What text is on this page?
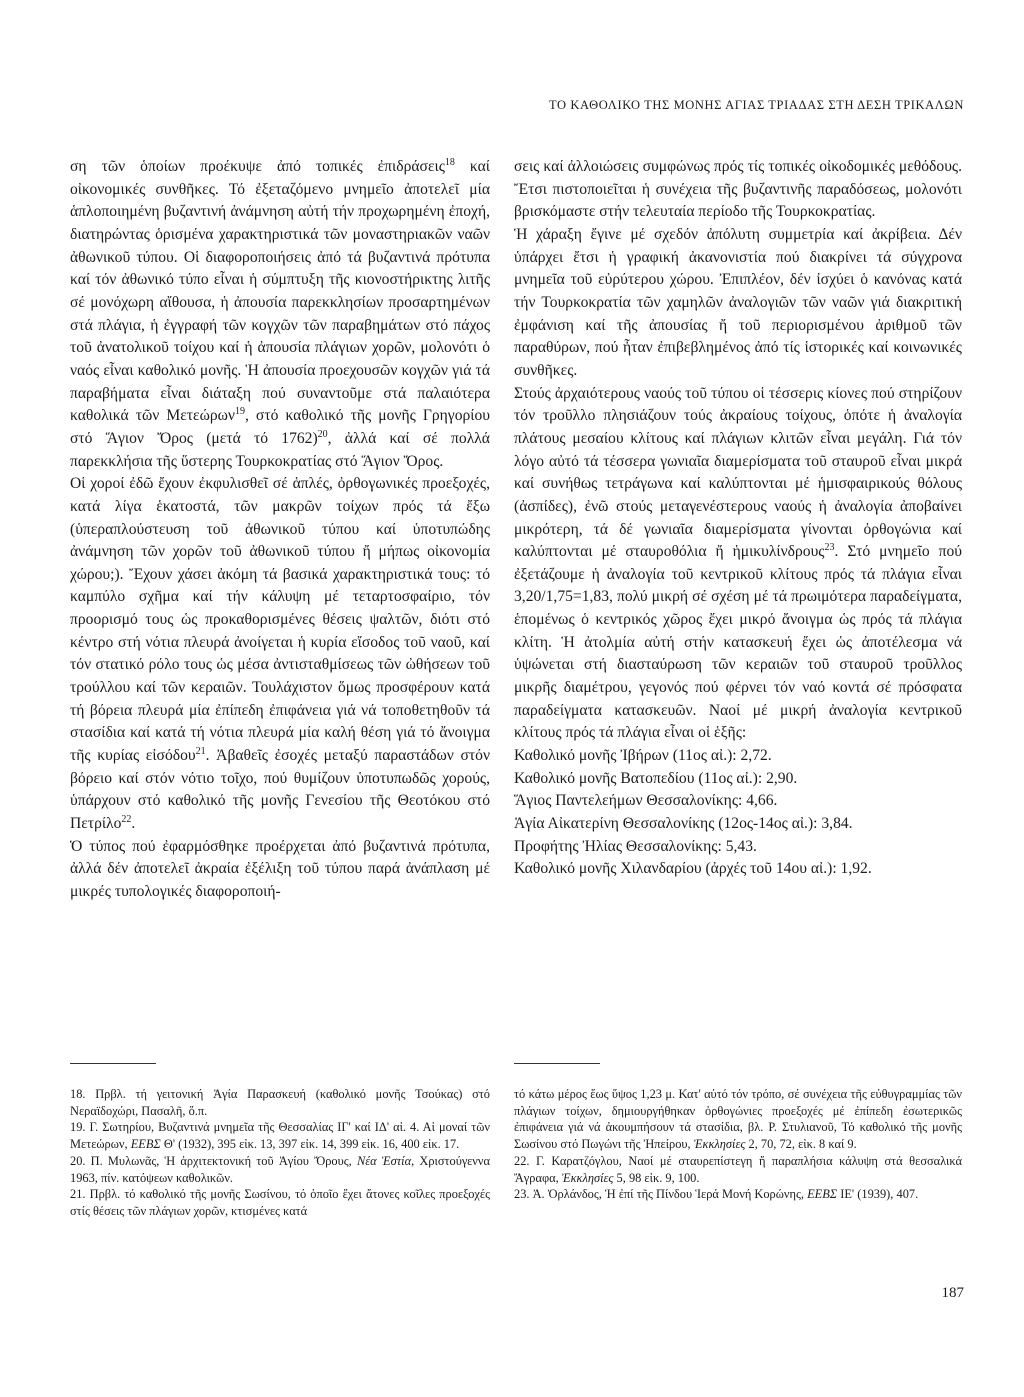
ΤΟ ΚΑΘΟΛΙΚΟ ΤΗΣ ΜΟΝΗΣ ΑΓΙΑΣ ΤΡΙΑΔΑΣ ΣΤΗ ΔΕΣΗ ΤΡΙΚΑΛΩΝ

ση τῶν ὁποίων προέκυψε ἀπό τοπικές ἐπιδράσεις$^{18}$ καί οἰκονομικές συνθῆκες. Τό ἐξεταζόμενο μνημεῖο ἀποτελεῖ μία ἁπλοποιημένη βυζαντινή ἀνάμνηση αὐτή τήν προχωρημένη ἐποχή, διατηρώντας ὁρισμένα χαρακτηριστικά τῶν μοναστηριακῶν ναῶν ἀθωνικοῦ τύπου. Οἱ διαφοροποιήσεις ἀπό τά βυζαντινά πρότυπα καί τόν ἀθωνικό τύπο εἶναι ἡ σύμπτυξη τῆς κιονοστήρικτης λιτῆς σέ μονόχωρη αἴθουσα, ἡ ἀπουσία παρεκκλησίων προσαρτημένων στά πλάγια, ἡ ἐγγραφή τῶν κογχῶν τῶν παραβημάτων στό πάχος τοῦ ἀνατολικοῦ τοίχου καί ἡ ἀπουσία πλάγιων χορῶν, μολονότι ὁ ναός εἶναι καθολικό μονῆς. Ἡ ἀπουσία προεχουσῶν κογχῶν γιά τά παραβήματα εἶναι διάταξη πού συναντοῦμε στά παλαιότερα καθολικά τῶν Μετεώρων$^{19}$, στό καθολικό τῆς μονῆς Γρηγορίου στό Ἅγιον Ὄρος (μετά τό 1762)$^{20}$, ἀλλά καί σέ πολλά παρεκκλήσια τῆς ὕστερης Τουρκοκρατίας στό Ἅγιον Ὄρος.

Οἱ χοροί ἐδῶ ἔχουν ἐκφυλισθεῖ σέ ἁπλές, ὀρθογωνικές προεξοχές, κατά λίγα ἑκατοστά, τῶν μακρῶν τοίχων πρός τά ἔξω (ὑπεραπλούστευση τοῦ ἀθωνικοῦ τύπου καί ὑποτυπώδης ἀνάμνηση τῶν χορῶν τοῦ ἀθωνικοῦ τύπου ἤ μήπως οἰκονομία χώρου;). Ἔχουν χάσει ἀκόμη τά βασικά χαρακτηριστικά τους: τό καμπύλο σχῆμα καί τήν κάλυψη μέ τεταρτοσφαίριο, τόν προορισμό τους ὡς προκαθορισμένες θέσεις ψαλτῶν, διότι στό κέντρο στή νότια πλευρά ἀνοίγεται ἡ κυρία εἴσοδος τοῦ ναοῦ, καί τόν στατικό ρόλο τους ὡς μέσα ἀντισταθμίσεως τῶν ὠθήσεων τοῦ τρούλλου καί τῶν κεραιῶν. Τουλάχιστον ὅμως προσφέρουν κατά τή βόρεια πλευρά μία ἐπίπεδη ἐπιφάνεια γιά νά τοποθετηθοῦν τά στασίδια καί κατά τή νότια πλευρά μία καλή θέση γιά τό ἄνοιγμα τῆς κυρίας εἰσόδου$^{21}$. Ἀβαθεῖς ἐσοχές μεταξύ παραστάδων στόν βόρειο καί στόν νότιο τοῖχο, πού θυμίζουν ὑποτυπωδῶς χορούς, ὑπάρχουν στό καθολικό τῆς μονῆς Γενεσίου τῆς Θεοτόκου στό Πετρίλο$^{22}$.

Ὁ τύπος πού ἐφαρμόσθηκε προέρχεται ἀπό βυζαντινά πρότυπα, ἀλλά δέν ἀποτελεῖ ἀκραία ἐξέλιξη τοῦ τύπου παρά ἀνάπλαση μέ μικρές τυπολογικές διαφοροποιή-

σεις καί ἀλλοιώσεις συμφώνως πρός τίς τοπικές οἰκοδομικές μεθόδους. Ἔτσι πιστοποιεῖται ἡ συνέχεια τῆς βυζαντινῆς παραδόσεως, μολονότι βρισκόμαστε στήν τελευταία περίοδο τῆς Τουρκοκρατίας.

Ἡ χάραξη ἔγινε μέ σχεδόν ἀπόλυτη συμμετρία καί ἀκρίβεια. Δέν ὑπάρχει ἔτσι ἡ γραφική ἀκανονιστία πού διακρίνει τά σύγχρονα μνημεῖα τοῦ εὐρύτερου χώρου. Ἐπιπλέον, δέν ἰσχύει ὁ κανόνας κατά τήν Τουρκοκρατία τῶν χαμηλῶν ἀναλογιῶν τῶν ναῶν γιά διακριτική ἐμφάνιση καί τῆς ἀπουσίας ἤ τοῦ περιορισμένου ἀριθμοῦ τῶν παραθύρων, πού ἦταν ἐπιβεβλημένος ἀπό τίς ἱστορικές καί κοινωνικές συνθῆκες.

Στούς ἀρχαιότερους ναούς τοῦ τύπου οἱ τέσσερις κίονες πού στηρίζουν τόν τροῦλλο πλησιάζουν τούς ἀκραίους τοίχους, ὁπότε ἡ ἀναλογία πλάτους μεσαίου κλίτους καί πλάγιων κλιτῶν εἶναι μεγάλη. Γιά τόν λόγο αὐτό τά τέσσερα γωνιαῖα διαμερίσματα τοῦ σταυροῦ εἶναι μικρά καί συνήθως τετράγωνα καί καλύπτονται μέ ἡμισφαιρικούς θόλους (ἀσπίδες), ἐνῶ στούς μεταγενέστερους ναούς ἡ ἀναλογία ἀποβαίνει μικρότερη, τά δέ γωνιαῖα διαμερίσματα γίνονται ὀρθογώνια καί καλύπτονται μέ σταυροθόλια ἤ ἡμικυλίνδρους$^{23}$. Στό μνημεῖο πού ἐξετάζουμε ἡ ἀναλογία τοῦ κεντρικοῦ κλίτους πρός τά πλάγια εἶναι 3,20/1,75=1,83, πολύ μικρή σέ σχέση μέ τά πρωιμότερα παραδείγματα, ἑπομένως ὁ κεντρικός χῶρος ἔχει μικρό ἄνοιγμα ὡς πρός τά πλάγια κλίτη. Ἡ ἀτολμία αὐτή στήν κατασκευή ἔχει ὡς ἀποτέλεσμα νά ὑψώνεται στή διασταύρωση τῶν κεραιῶν τοῦ σταυροῦ τροῦλλος μικρῆς διαμέτρου, γεγονός πού φέρνει τόν ναό κοντά σέ πρόσφατα παραδείγματα κατασκευῶν. Ναοί μέ μικρή ἀναλογία κεντρικοῦ κλίτους πρός τά πλάγια εἶναι οἱ ἑξῆς:

Καθολικό μονῆς Ἰβήρων (11ος αἰ.): 2,72.

Καθολικό μονῆς Βατοπεδίου (11ος αἰ.): 2,90.

Ἅγιος Παντελεήμων Θεσσαλονίκης: 4,66.

Ἁγία Αἰκατερίνη Θεσσαλονίκης (12ος-14ος αἰ.): 3,84.

Προφήτης Ἠλίας Θεσσαλονίκης: 5,43.

Καθολικό μονῆς Χιλανδαρίου (ἀρχές τοῦ 14ου αἰ.): 1,92.

18. Πρβλ. τή γειτονική Ἁγία Παρασκευή (καθολικό μονῆς Τσούκας) στό Νεραϊδοχώρι, Πασαλῆ, ὅ.π.

19. Γ. Σωτηρίου, Βυζαντινά μνημεῖα τῆς Θεσσαλίας ΙΓ' καί ΙΔ' αἰ. 4. Αἱ μοναί τῶν Μετεώρων, ΕΕΒΣ Θ' (1932), 395 εἰκ. 13, 397 εἰκ. 14, 399 εἰκ. 16, 400 εἰκ. 17.

20. Π. Μυλωνᾶς, Ἡ ἀρχιτεκτονική τοῦ Ἁγίου Ὄρους, Νέα Ἑστία, Χριστούγεννα 1963, πίν. κατόψεων καθολικῶν.

21. Πρβλ. τό καθολικό τῆς μονῆς Σωσίνου, τό ὁποῖο ἔχει ἄτονες κοῖλες προεξοχές στίς θέσεις τῶν πλάγιων χορῶν, κτισμένες κατά

τό κάτω μέρος ἕως ὕψος 1,23 μ. Κατ' αὐτό τόν τρόπο, σέ συνέχεια τῆς εὐθυγραμμίας τῶν πλάγιων τοίχων, δημιουργήθηκαν ὀρθογώνιες προεξοχές μέ ἐπίπεδη ἐσωτερικῶς ἐπιφάνεια γιά νά ἀκουμπήσουν τά στασίδια, βλ. Ρ. Στυλιανοῦ, Τό καθολικό τῆς μονῆς Σωσίνου στό Πωγώνι τῆς Ἠπείρου, Ἐκκλησίες 2, 70, 72, εἰκ. 8 καί 9.

22. Γ. Καρατζόγλου, Ναοί μέ σταυρεπίστεγη ἤ παραπλήσια κάλυψη στά θεσσαλικά Ἄγραφα, Ἐκκλησίες 5, 98 εἰκ. 9, 100.

23. Ἀ. Ὀρλάνδος, Ἡ ἐπί τῆς Πίνδου Ἱερά Μονή Κορώνης, ΕΕΒΣ ΙΕ' (1939), 407.

187
